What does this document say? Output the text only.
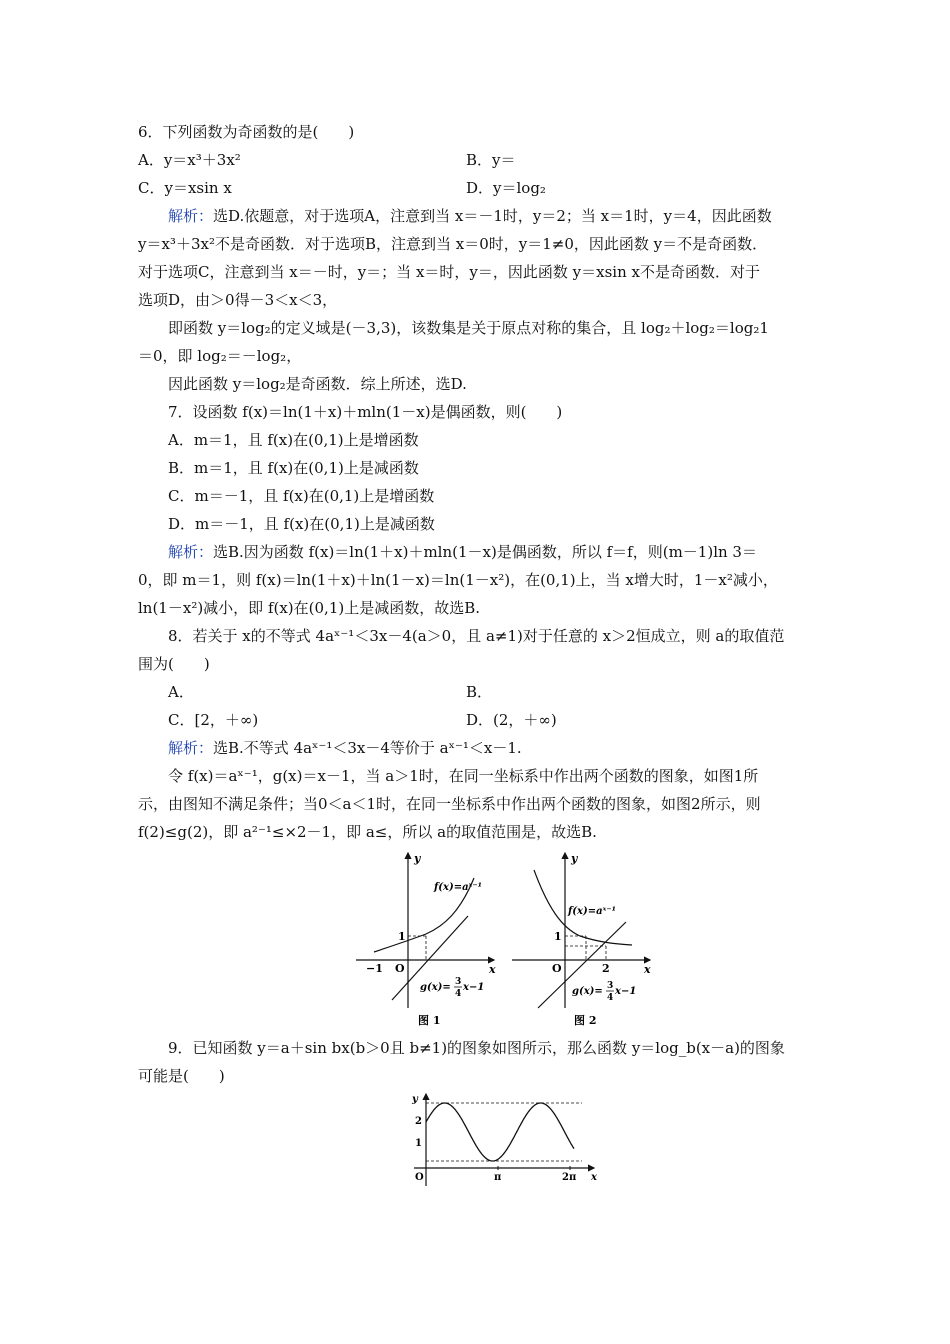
6．下列函数为奇函数的是(　　)
A．y＝x³＋3x²	B．y＝
C．y＝xsin x	D．y＝log₂
解析：选D.依题意，对于选项A，注意到当 x＝－1时，y＝2；当 x＝1时，y＝4，因此函数
y＝x³＋3x²不是奇函数．对于选项B，注意到当 x＝0时，y＝1≠0，因此函数 y＝不是奇函数．
对于选项C，注意到当 x＝－时，y＝；当 x＝时，y＝，因此函数 y＝xsin x不是奇函数．对于
选项D，由＞0得－3＜x＜3，
即函数 y＝log₂的定义域是(－3,3)，该数集是关于原点对称的集合，且 log₂＋log₂＝log₂1
＝0，即 log₂＝－log₂，
因此函数 y＝log₂是奇函数．综上所述，选D.
7．设函数 f(x)＝ln(1＋x)＋mln(1－x)是偶函数，则(　　)
A．m＝1，且 f(x)在(0,1)上是增函数
B．m＝1，且 f(x)在(0,1)上是减函数
C．m＝－1，且 f(x)在(0,1)上是增函数
D．m＝－1，且 f(x)在(0,1)上是减函数
解析：选B.因为函数 f(x)＝ln(1＋x)＋mln(1－x)是偶函数，所以 f＝f，则(m－1)ln 3＝
0，即 m＝1，则 f(x)＝ln(1＋x)＋ln(1－x)＝ln(1－x²)，在(0,1)上，当 x增大时，1－x²减小，
ln(1－x²)减小，即 f(x)在(0,1)上是减函数，故选B.
8．若关于 x的不等式 4aˣ⁻¹＜3x－4(a＞0，且 a≠1)对于任意的 x＞2恒成立，则 a的取值范
围为(　　)
A．	B．
C．[2，＋∞)	D．(2，＋∞)
解析：选B.不等式 4aˣ⁻¹＜3x－4等价于 aˣ⁻¹＜x－1.
令 f(x)＝aˣ⁻¹，g(x)＝x－1，当 a＞1时，在同一坐标系中作出两个函数的图象，如图1所
示，由图知不满足条件；当0＜a＜1时，在同一坐标系中作出两个函数的图象，如图2所示，则
f(2)≤g(2)，即 a²⁻¹≤×2－1，即 a≤，所以 a的取值范围是，故选B.
y
x
O
1
−1
f(x)=aˣ⁻¹
g(x)= 3
4
x−1
图 1
y
x
O
1
2
f(x)=aˣ⁻¹
g(x)= 3
4
x−1
图 2
9．已知函数 y＝a＋sin bx(b＞0且 b≠1)的图象如图所示，那么函数 y＝log_b(x－a)的图象
可能是(　　)
y
x
O
2
1
π	2π
